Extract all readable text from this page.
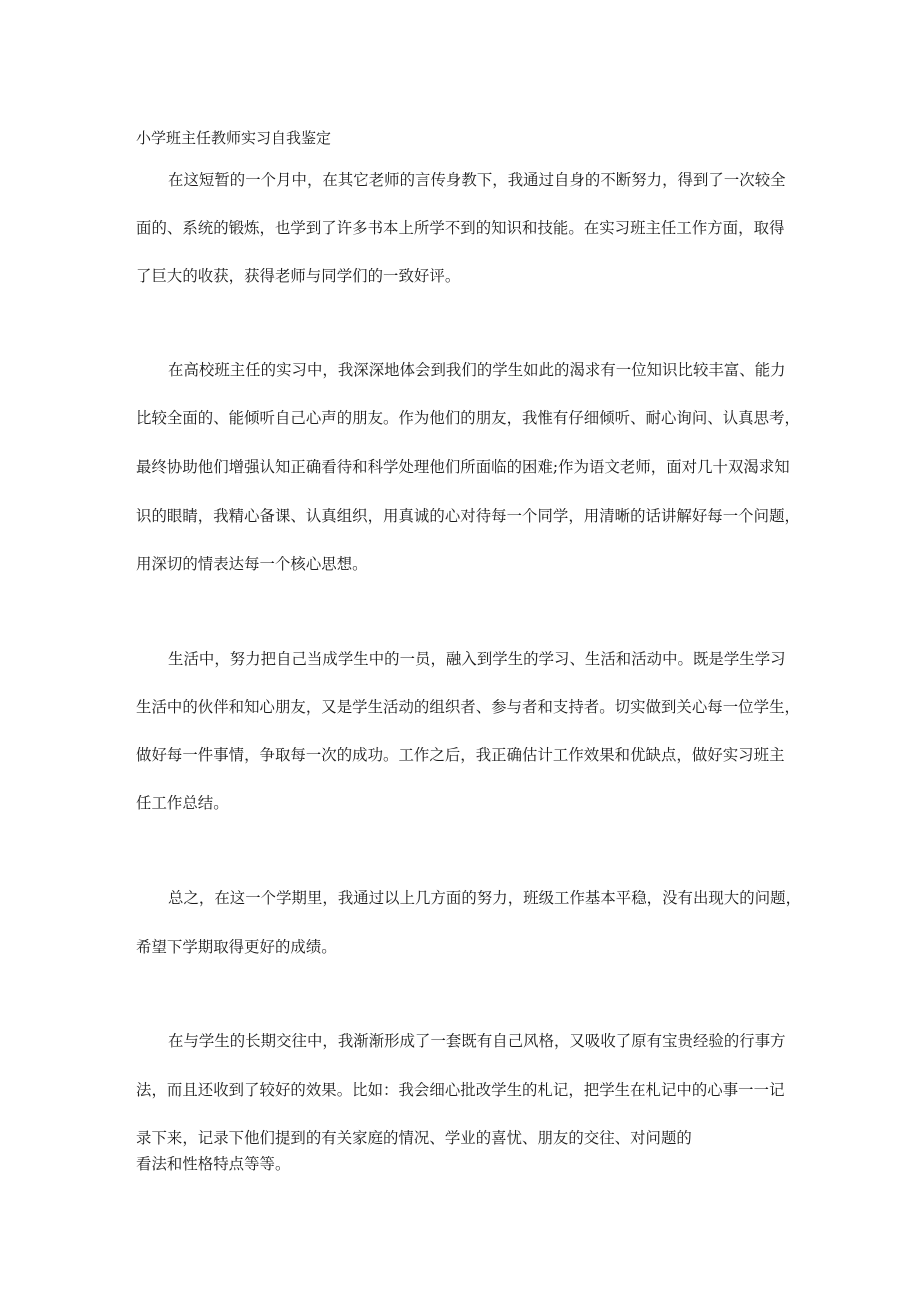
小学班主任教师实习自我鉴定
在这短暂的一个月中，在其它老师的言传身教下，我通过自身的不断努力，得到了一次较全
面的、系统的锻炼，也学到了许多书本上所学不到的知识和技能。在实习班主任工作方面，取得
了巨大的收获，获得老师与同学们的一致好评。
在高校班主任的实习中，我深深地体会到我们的学生如此的渴求有一位知识比较丰富、能力
比较全面的、能倾听自己心声的朋友。作为他们的朋友，我惟有仔细倾听、耐心询问、认真思考，
最终协助他们增强认知正确看待和科学处理他们所面临的困难;作为语文老师，面对几十双渴求知
识的眼睛，我精心备课、认真组织，用真诚的心对待每一个同学，用清晰的话讲解好每一个问题，
用深切的情表达每一个核心思想。
生活中，努力把自己当成学生中的一员，融入到学生的学习、生活和活动中。既是学生学习
生活中的伙伴和知心朋友，又是学生活动的组织者、参与者和支持者。切实做到关心每一位学生，
做好每一件事情，争取每一次的成功。工作之后，我正确估计工作效果和优缺点，做好实习班主
任工作总结。
总之，在这一个学期里，我通过以上几方面的努力，班级工作基本平稳，没有出现大的问题，
希望下学期取得更好的成绩。
在与学生的长期交往中，我渐渐形成了一套既有自己风格，又吸收了原有宝贵经验的行事方
法，而且还收到了较好的效果。比如：我会细心批改学生的札记，把学生在札记中的心事一一记
录下来，记录下他们提到的有关家庭的情况、学业的喜忧、朋友的交往、对问题的
看法和性格特点等等。
